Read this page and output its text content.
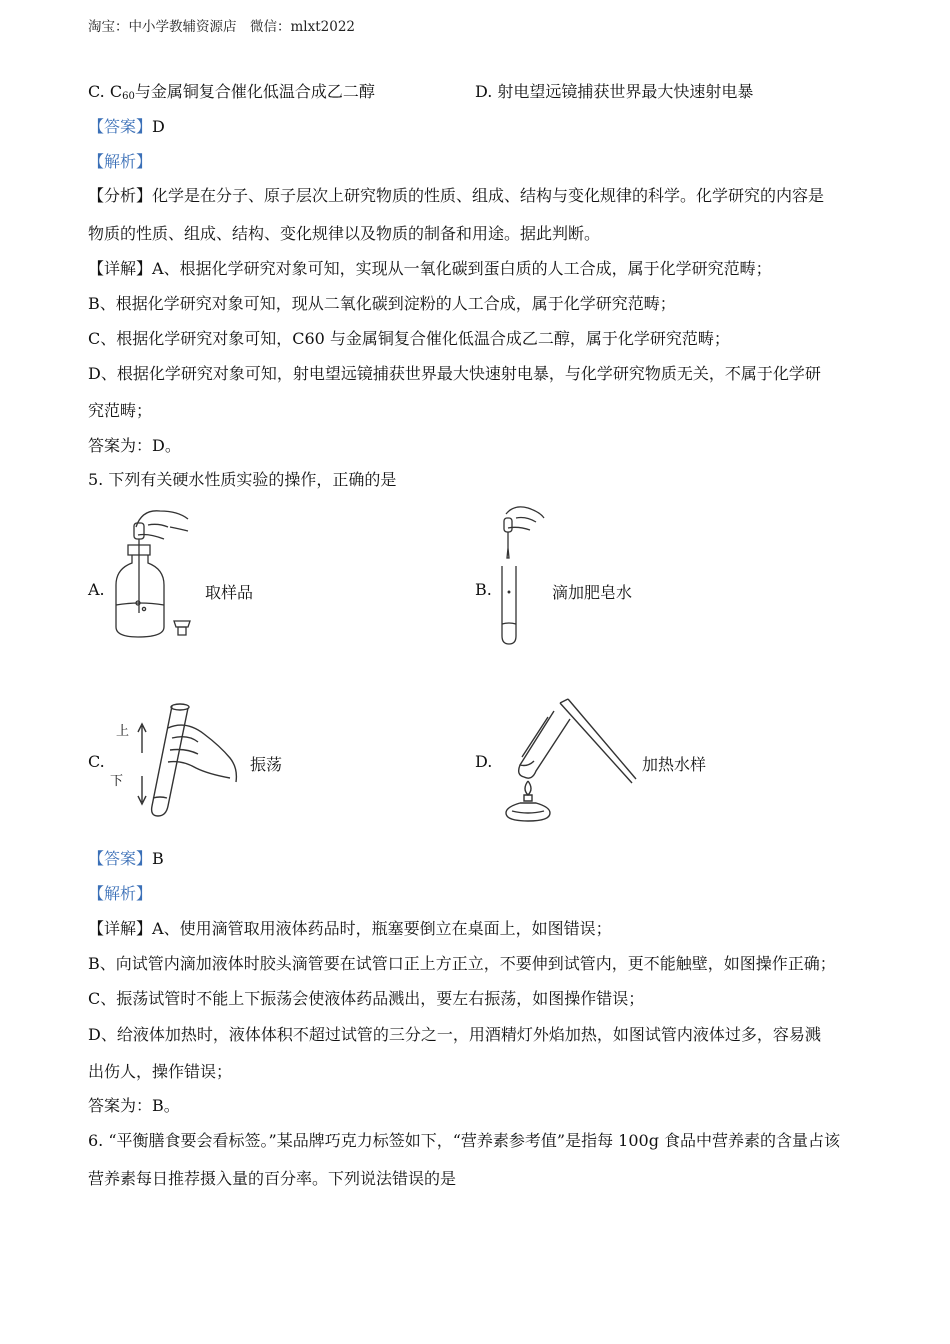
淘宝：中小学教辅资源店　微信：mlxt2022
C. $C_{60}$与金属铜复合催化低温合成乙二醇	D. 射电望远镜捕获世界最大快速射电暴
【答案】D
【解析】
【分析】化学是在分子、原子层次上研究物质的性质、组成、结构与变化规律的科学。化学研究的内容是
物质的性质、组成、结构、变化规律以及物质的制备和用途。据此判断。
【详解】A、根据化学研究对象可知，实现从一氧化碳到蛋白质的人工合成，属于化学研究范畴；
B、根据化学研究对象可知，现从二氧化碳到淀粉的人工合成，属于化学研究范畴；
C、根据化学研究对象可知，C60 与金属铜复合催化低温合成乙二醇，属于化学研究范畴；
D、根据化学研究对象可知，射电望远镜捕获世界最大快速射电暴，与化学研究物质无关，不属于化学研
究范畴；
答案为：D。
5. 下列有关硬水性质实验的操作，正确的是
A.	取样品	B.	滴加肥皂水
C.
上
下
振荡	D.	加热水样
【答案】B
【解析】
【详解】A、使用滴管取用液体药品时，瓶塞要倒立在桌面上，如图错误；
B、向试管内滴加液体时胶头滴管要在试管口正上方正立，不要伸到试管内，更不能触壁，如图操作正确；
C、振荡试管时不能上下振荡会使液体药品溅出，要左右振荡，如图操作错误；
D、给液体加热时，液体体积不超过试管的三分之一，用酒精灯外焰加热，如图试管内液体过多，容易溅
出伤人，操作错误；
答案为：B。
6. “平衡膳食要会看标签。”某品牌巧克力标签如下，“营养素参考值”是指每 100g 食品中营养素的含量占该
营养素每日推荐摄入量的百分率。下列说法错误的是
